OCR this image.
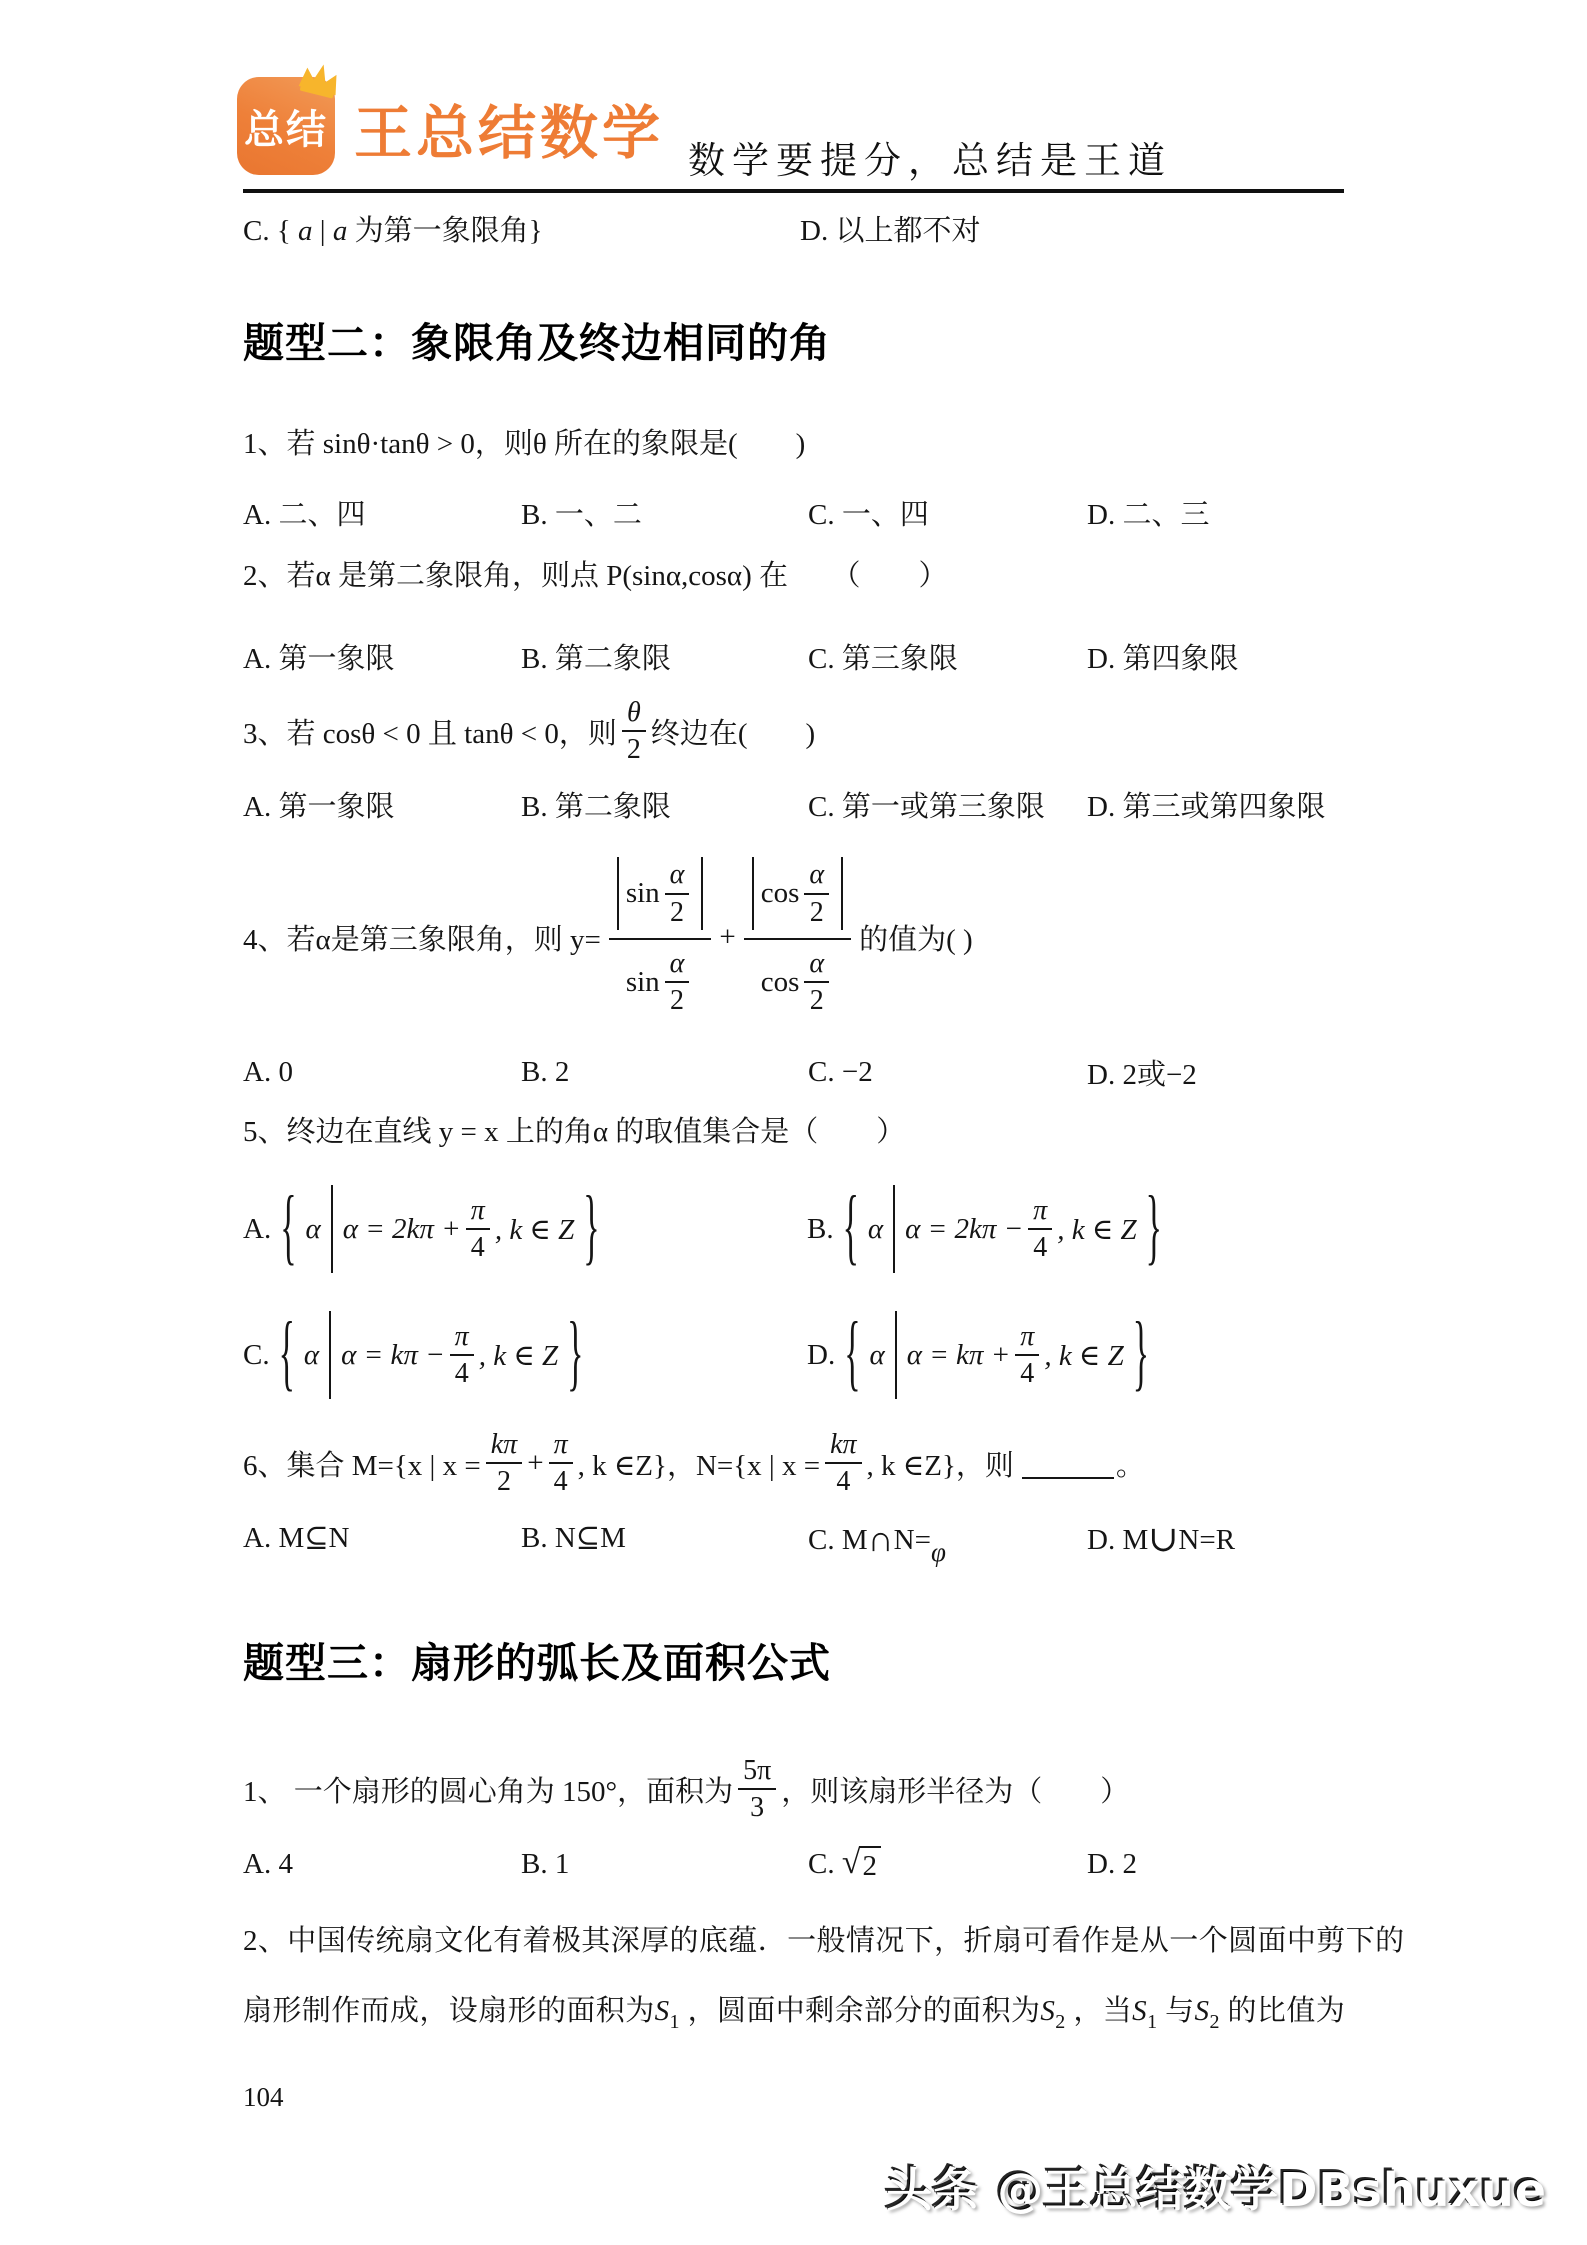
总结 王总结数学 数学要提分，总结是王道
C. { a | a 为第一象限角}	D. 以上都不对
题型二：象限角及终边相同的角
1、若 sinθ·tanθ > 0，则θ 所在的象限是(　　)
A. 二、四	B. 一、二	C. 一、四	D. 二、三
2、若α 是第二象限角，则点 P(sinα,cosα) 在　　（　　）
A. 第一象限	B. 第二象限	C. 第三象限	D. 第四象限
3、若 cosθ < 0 且 tanθ < 0，则
θ
2 终边在(　　)
A. 第一象限	B. 第二象限	C. 第一或第三象限	D. 第三或第四象限
4、若α是第三象限角，则 y= sin
α
2
sin
α
2 + cos
α
2
cos
α
2 的值为( )
A. 0	B. 2	C. −2	D. 2或−2
5、终边在直线 y = x 上的角α 的取值集合是（　　）
A. { α $\alpha = 2k\pi + \frac{\pi}{4}$ , k ∈ Z }	B. { α $\alpha = 2k\pi - \frac{\pi}{4}$ , k ∈ Z }
C. { α $\alpha = k\pi - \frac{\pi}{4}$ , k ∈ Z }	D. { α $\alpha = k\pi + \frac{\pi}{4}$ , k ∈ Z }
6、集合 M={x | $x = \frac{k\pi}{2} + \frac{\pi}{4}$ , k ∈Z}，N={x | $x = \frac{k\pi}{4}$ , k ∈Z}，则	。
A. M⊆N	B. N⊆M	C. M∩N=φ	D. M∪N=R
题型三：扇形的弧长及面积公式
1、 一个扇形的圆心角为 150°，面积为
5π
3 ，则该扇形半径为（　　）
A. 4	B. 1	C. √ 2	D. 2
2、中国传统扇文化有着极其深厚的底蕴．一般情况下，折扇可看作是从一个圆面中剪下的
扇形制作而成，设扇形的面积为$S_1$ ，圆面中剩余部分的面积为$S_2$ ，当$S_1$ 与$S_2$ 的比值为
104
头条 @王总结数学DBshuxue
